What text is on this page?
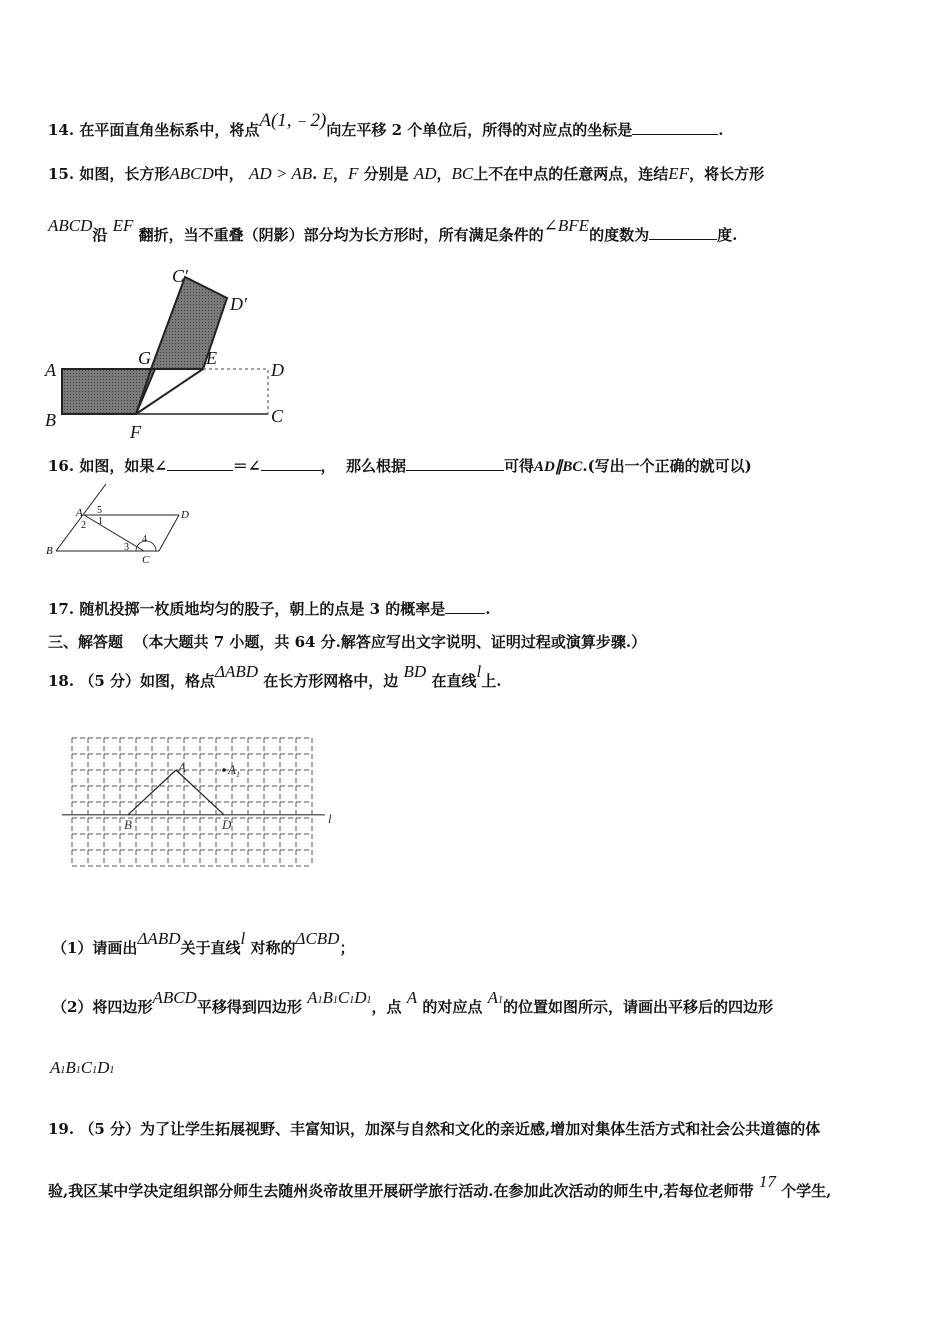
14. 在平面直角坐标系中，将点A(1,﹣2)向左平移 2 个单位后，所得的对应点的坐标是	.
15. 如图，长方形ABCD中， AD > AB. E，F 分别是 AD，BC上不在中点的任意两点，连结EF，将长方形
ABCD沿 EF 翻折，当不重叠（阴影）部分均为长方形时，所有满足条件的∠BFE的度数为	度.
C′
D′
G	E
A	D
B	C
F
16. 如图，如果∠	＝∠	， 那么根据	可得AD∥BC.(写出一个正确的就可以)
A	D
B
C
5
1
2
3
4
17. 随机投掷一枚质地均匀的股子，朝上的点是 3 的概率是	.
三、解答题 （本大题共 7 小题，共 64 分.解答应写出文字说明、证明过程或演算步骤.）
18. （5 分）如图，格点ΔABD 在长方形网格中，边 BD 在直线l上.
A	$A_1$
B	D	l
（1）请画出ΔABD关于直线l 对称的ΔCBD；
（2）将四边形ABCD平移得到四边形 A1B1C1D1，点 A 的对应点 A1的位置如图所示，请画出平移后的四边形
A1B1C1D1
19. （5 分）为了让学生拓展视野、丰富知识，加深与自然和文化的亲近感,增加对集体生活方式和社会公共道德的体
验,我区某中学决定组织部分师生去随州炎帝故里开展研学旅行活动.在参加此次活动的师生中,若每位老师带 17 个学生,
